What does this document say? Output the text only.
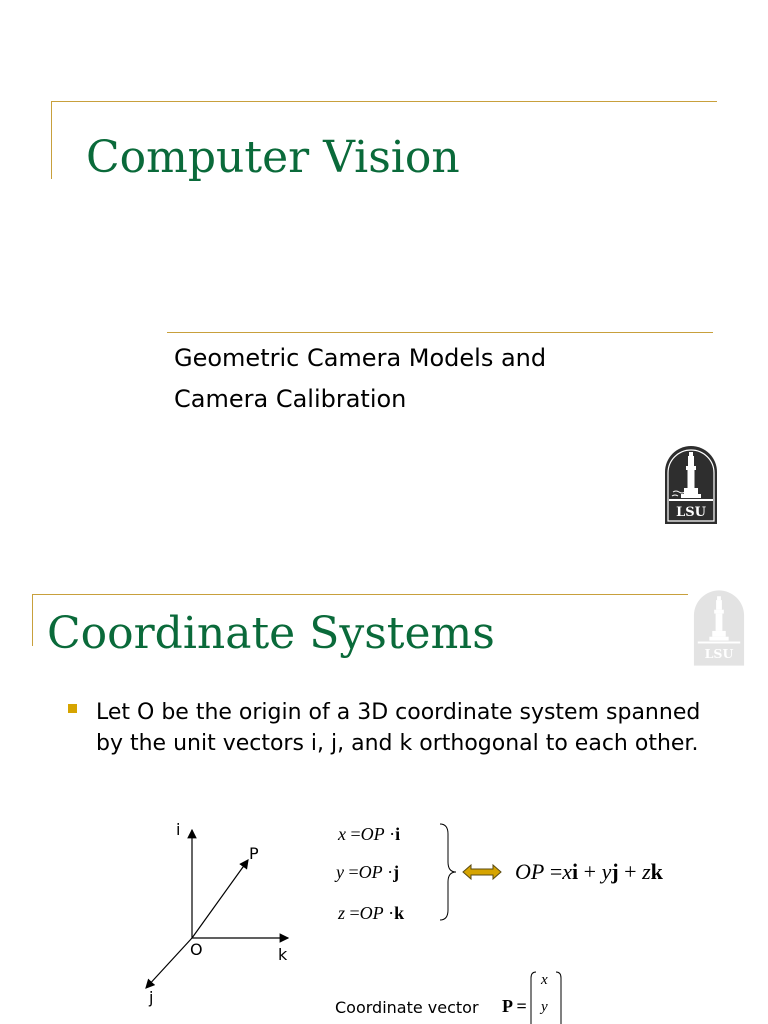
Computer Vision
Geometric Camera Models and
Camera Calibration
LSU
Coordinate Systems	LSU
Let O be the origin of a 3D coordinate system spanned by the unit vectors i, j, and k orthogonal to each other.
i
P
O	k
j
x =OP ·i
y =OP ·j
z =OP ·k
OP =xi + yj + zk
Coordinate vector P =
x
y
